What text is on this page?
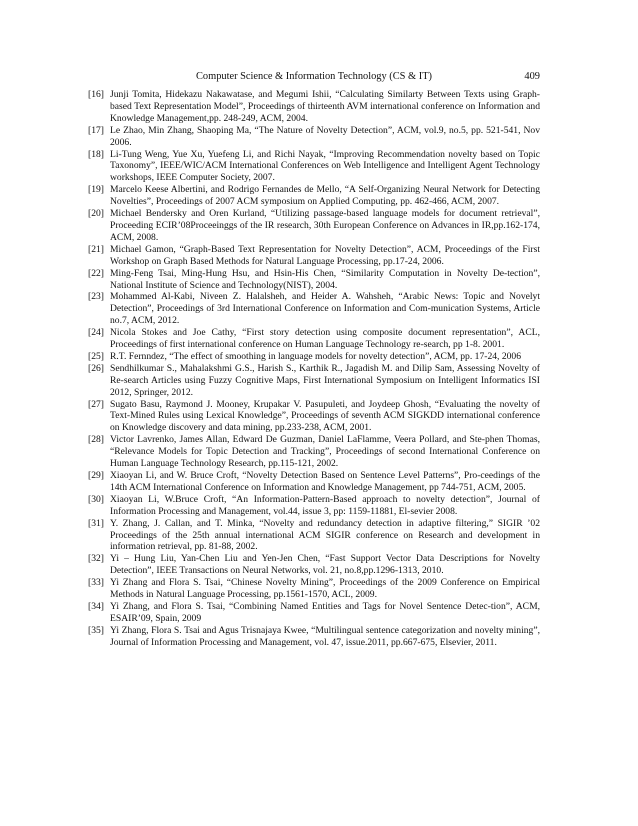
Computer Science & Information Technology (CS & IT)	409
[16] Junji Tomita, Hidekazu Nakawatase, and Megumi Ishii, “Calculating Similarty Between Texts using Graph-based Text Representation Model”, Proceedings of thirteenth AVM international conference on Information and Knowledge Management,pp. 248-249, ACM, 2004.
[17] Le Zhao, Min Zhang, Shaoping Ma, “The Nature of Novelty Detection”, ACM, vol.9, no.5, pp. 521-541, Nov 2006.
[18] Li-Tung Weng, Yue Xu, Yuefeng Li, and Richi Nayak, “Improving Recommendation novelty based on Topic Taxonomy”, IEEE/WIC/ACM International Conferences on Web Intelligence and Intelligent Agent Technology workshops, IEEE Computer Society, 2007.
[19] Marcelo Keese Albertini, and Rodrigo Fernandes de Mello, “A Self-Organizing Neural Network for Detecting Novelties”, Proceedings of 2007 ACM symposium on Applied Computing, pp. 462-466, ACM, 2007.
[20] Michael Bendersky and Oren Kurland, “Utilizing passage-based language models for document retrieval”, Proceeding ECIR’08Proceeinggs of the IR research, 30th European Conference on Advances in IR,pp.162-174, ACM, 2008.
[21] Michael Gamon, “Graph-Based Text Representation for Novelty Detection”, ACM, Proceedings of the First Workshop on Graph Based Methods for Natural Language Processing, pp.17-24, 2006.
[22] Ming-Feng Tsai, Ming-Hung Hsu, and Hsin-His Chen, “Similarity Computation in Novelty De-tection”, National Institute of Science and Technology(NIST), 2004.
[23] Mohammed Al-Kabi, Niveen Z. Halalsheh, and Heider A. Wahsheh, “Arabic News: Topic and Novelyt Detection”, Proceedings of 3rd International Conference on Information and Com-munication Systems, Article no.7, ACM, 2012.
[24] Nicola Stokes and Joe Cathy, “First story detection using composite document representation”, ACL, Proceedings of first international conference on Human Language Technology re-search, pp 1-8. 2001.
[25] R.T. Fernndez, “The effect of smoothing in language models for novelty detection”, ACM, pp. 17-24, 2006
[26] Sendhilkumar S., Mahalakshmi G.S., Harish S., Karthik R., Jagadish M. and Dilip Sam, Assessing Novelty of Re-search Articles using Fuzzy Cognitive Maps, First International Symposium on Intelligent Informatics ISI 2012, Springer, 2012.
[27] Sugato Basu, Raymond J. Mooney, Krupakar V. Pasupuleti, and Joydeep Ghosh, “Evaluating the novelty of Text-Mined Rules using Lexical Knowledge”, Proceedings of seventh ACM SIGKDD international conference on Knowledge discovery and data mining, pp.233-238, ACM, 2001.
[28] Victor Lavrenko, James Allan, Edward De Guzman, Daniel LaFlamme, Veera Pollard, and Ste-phen Thomas, “Relevance Models for Topic Detection and Tracking”, Proceedings of second International Conference on Human Language Technology Research, pp.115-121, 2002.
[29] Xiaoyan Li, and W. Bruce Croft, “Novelty Detection Based on Sentence Level Patterns”, Pro-ceedings of the 14th ACM International Conference on Information and Knowledge Management, pp 744-751, ACM, 2005.
[30] Xiaoyan Li, W.Bruce Croft, “An Information-Pattern-Based approach to novelty detection”, Journal of Information Processing and Management, vol.44, issue 3, pp: 1159-11881, El-sevier 2008.
[31] Y. Zhang, J. Callan, and T. Minka, “Novelty and redundancy detection in adaptive filtering,” SIGIR ’02 Proceedings of the 25th annual international ACM SIGIR conference on Research and development in information retrieval, pp. 81-88, 2002.
[32] Yi – Hung Liu, Yan-Chen Liu and Yen-Jen Chen, “Fast Support Vector Data Descriptions for Novelty Detection”, IEEE Transactions on Neural Networks, vol. 21, no.8,pp.1296-1313, 2010.
[33] Yi Zhang and Flora S. Tsai, “Chinese Novelty Mining”, Proceedings of the 2009 Conference on Empirical Methods in Natural Language Processing, pp.1561-1570, ACL, 2009.
[34] Yi Zhang, and Flora S. Tsai, “Combining Named Entities and Tags for Novel Sentence Detec-tion”, ACM, ESAIR’09, Spain, 2009
[35] Yi Zhang, Flora S. Tsai and Agus Trisnajaya Kwee, “Multilingual sentence categorization and novelty mining”, Journal of Information Processing and Management, vol. 47, issue.2011, pp.667-675, Elsevier, 2011.
